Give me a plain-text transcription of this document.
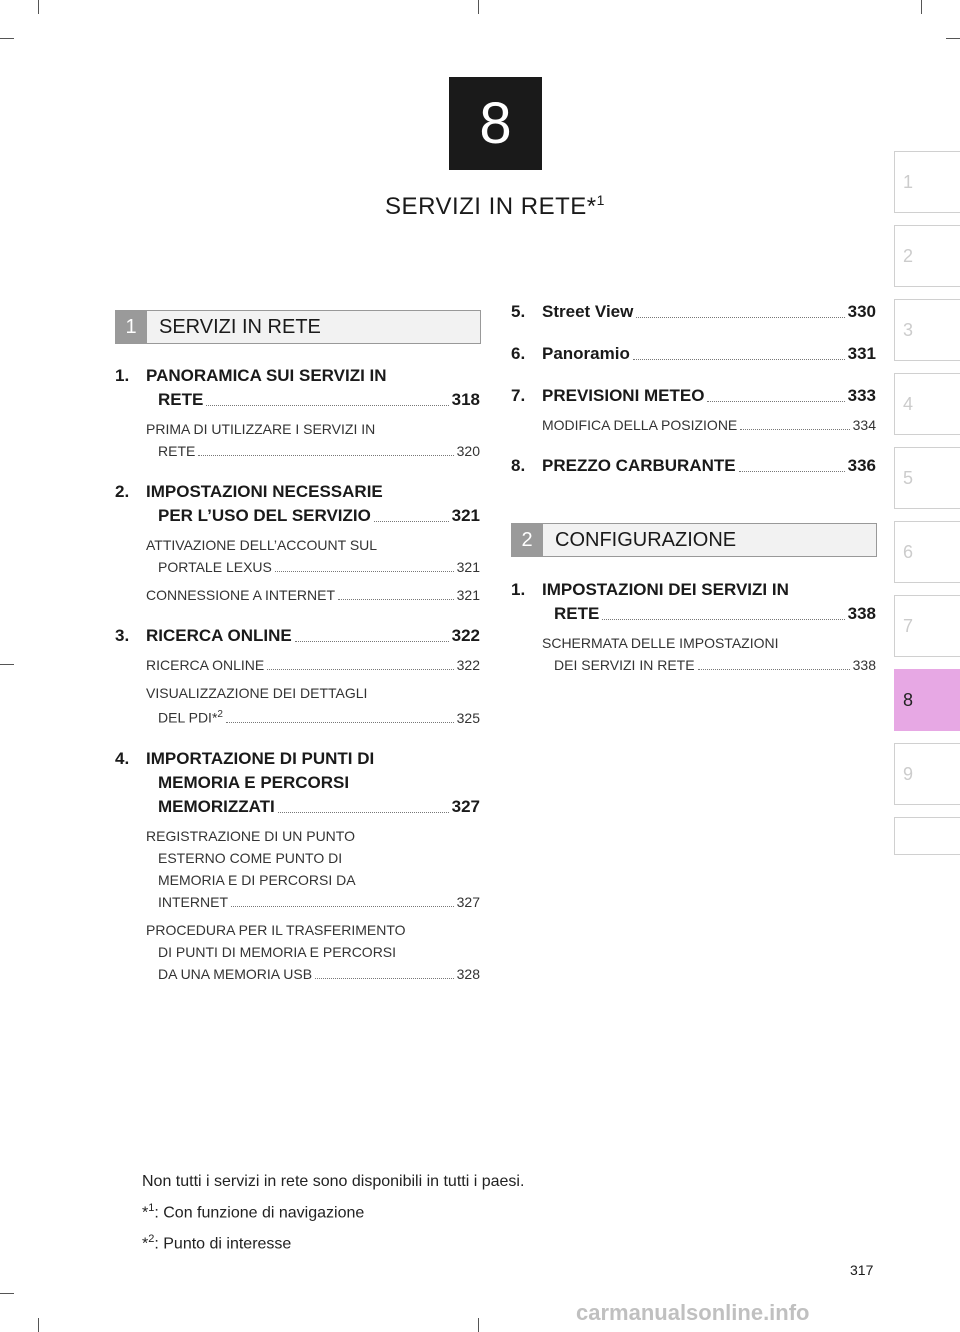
8
SERVIZI IN RETE*$^1$
1
2
3
4
5
6
7
8
9
1	SERVIZI IN RETE
2	CONFIGURAZIONE
1. PANORAMICA SUI SERVIZI IN
RETE	318
PRIMA DI UTILIZZARE I SERVIZI IN
RETE	320
2. IMPOSTAZIONI NECESSARIE
PER L’USO DEL SERVIZIO	321
ATTIVAZIONE DELL’ACCOUNT SUL
PORTALE LEXUS	321
CONNESSIONE A INTERNET	321
3. RICERCA ONLINE	322
RICERCA ONLINE	322
VISUALIZZAZIONE DEI DETTAGLI
DEL PDI*$^2$	325
4. IMPORTAZIONE DI PUNTI DI
MEMORIA E PERCORSI
MEMORIZZATI	327
REGISTRAZIONE DI UN PUNTO
ESTERNO COME PUNTO DI
MEMORIA E DI PERCORSI DA
INTERNET	327
PROCEDURA PER IL TRASFERIMENTO
DI PUNTI DI MEMORIA E PERCORSI
DA UNA MEMORIA USB	328
5. Street View	330
6. Panoramio	331
7. PREVISIONI METEO	333
MODIFICA DELLA POSIZIONE	334
8. PREZZO CARBURANTE	336
1. IMPOSTAZIONI DEI SERVIZI IN
RETE	338
SCHERMATA DELLE IMPOSTAZIONI
DEI SERVIZI IN RETE	338
Non tutti i servizi in rete sono disponibili in tutti i paesi.
*$^1$: Con funzione di navigazione
*$^2$: Punto di interesse
317
carmanualsonline.info
